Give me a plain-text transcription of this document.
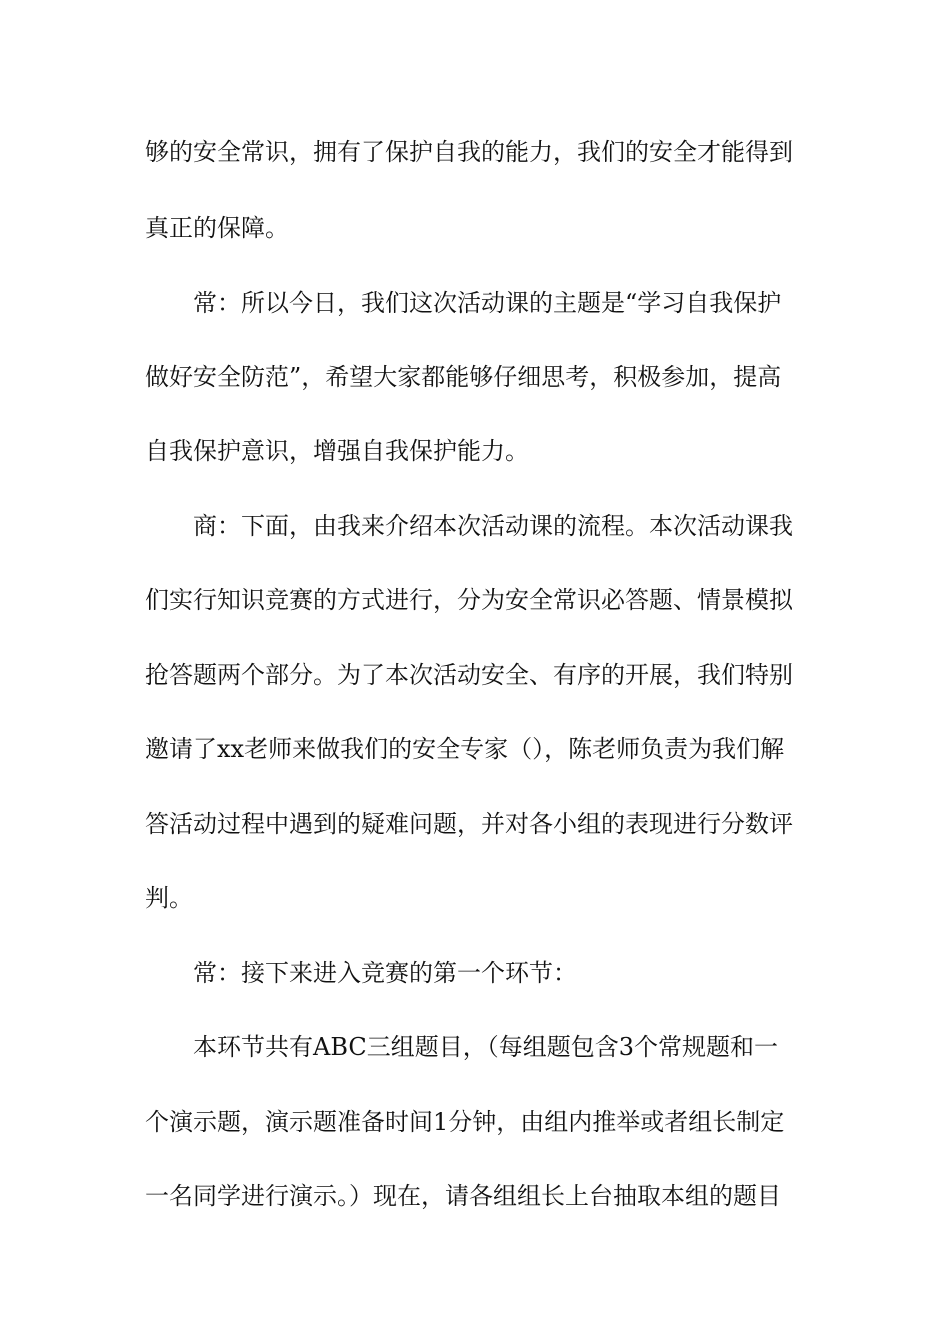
够的安全常识，拥有了保护自我的能力，我们的安全才能得到
真正的保障。
常：所以今日，我们这次活动课的主题是“学习自我保护
做好安全防范”，希望大家都能够仔细思考，积极参加，提高
自我保护意识，增强自我保护能力。
商：下面，由我来介绍本次活动课的流程。本次活动课我
们实行知识竞赛的方式进行，分为安全常识必答题、情景模拟
抢答题两个部分。为了本次活动安全、有序的开展，我们特别
邀请了xx老师来做我们的安全专家（），陈老师负责为我们解
答活动过程中遇到的疑难问题，并对各小组的表现进行分数评
判。
常：接下来进入竞赛的第一个环节：
本环节共有ABC三组题目，（每组题包含3个常规题和一
个演示题，演示题准备时间1分钟，由组内推举或者组长制定
一名同学进行演示。）现在，请各组组长上台抽取本组的题目
